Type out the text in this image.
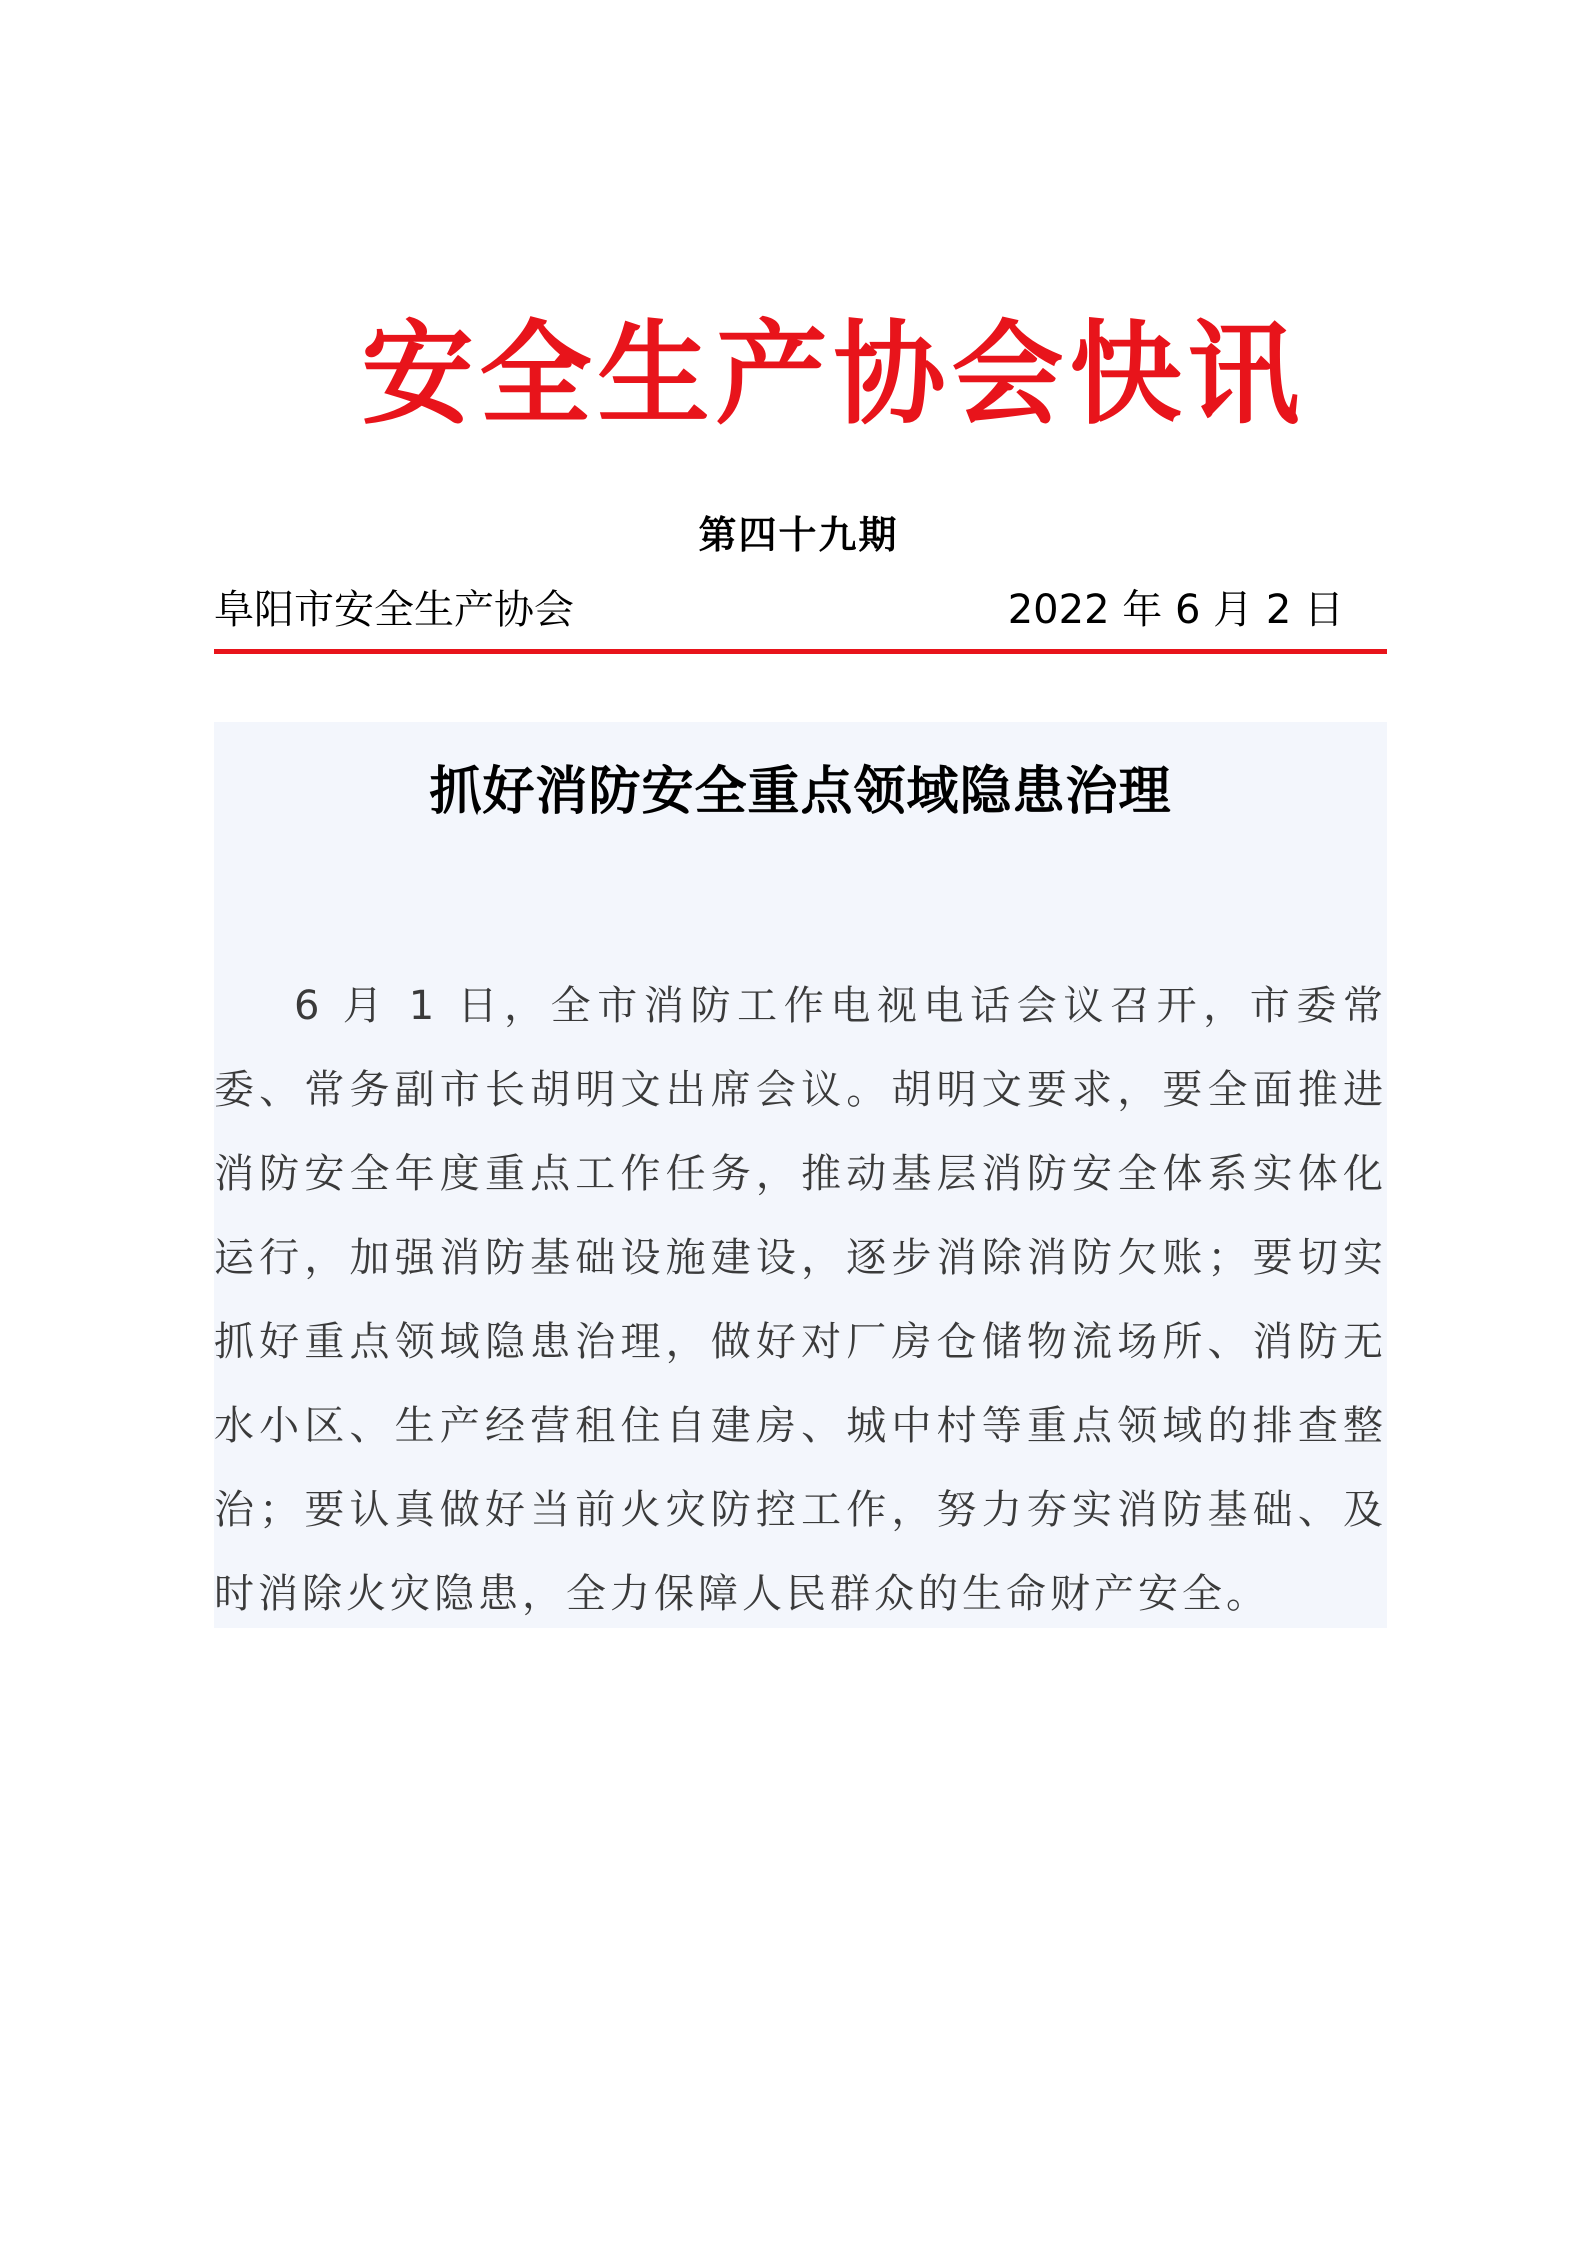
安全生产协会快讯
第四十九期
阜阳市安全生产协会	2022 年 6 月 2 日
抓好消防安全重点领域隐患治理

6 月 1 日，全市消防工作电视电话会议召开，市委常委、常务副市长胡明文出席会议。胡明文要求，要全面推进消防安全年度重点工作任务，推动基层消防安全体系实体化运行，加强消防基础设施建设，逐步消除消防欠账；要切实抓好重点领域隐患治理，做好对厂房仓储物流场所、消防无水小区、生产经营租住自建房、城中村等重点领域的排查整治；要认真做好当前火灾防控工作，努力夯实消防基础、及时消除火灾隐患，全力保障人民群众的生命财产安全。
